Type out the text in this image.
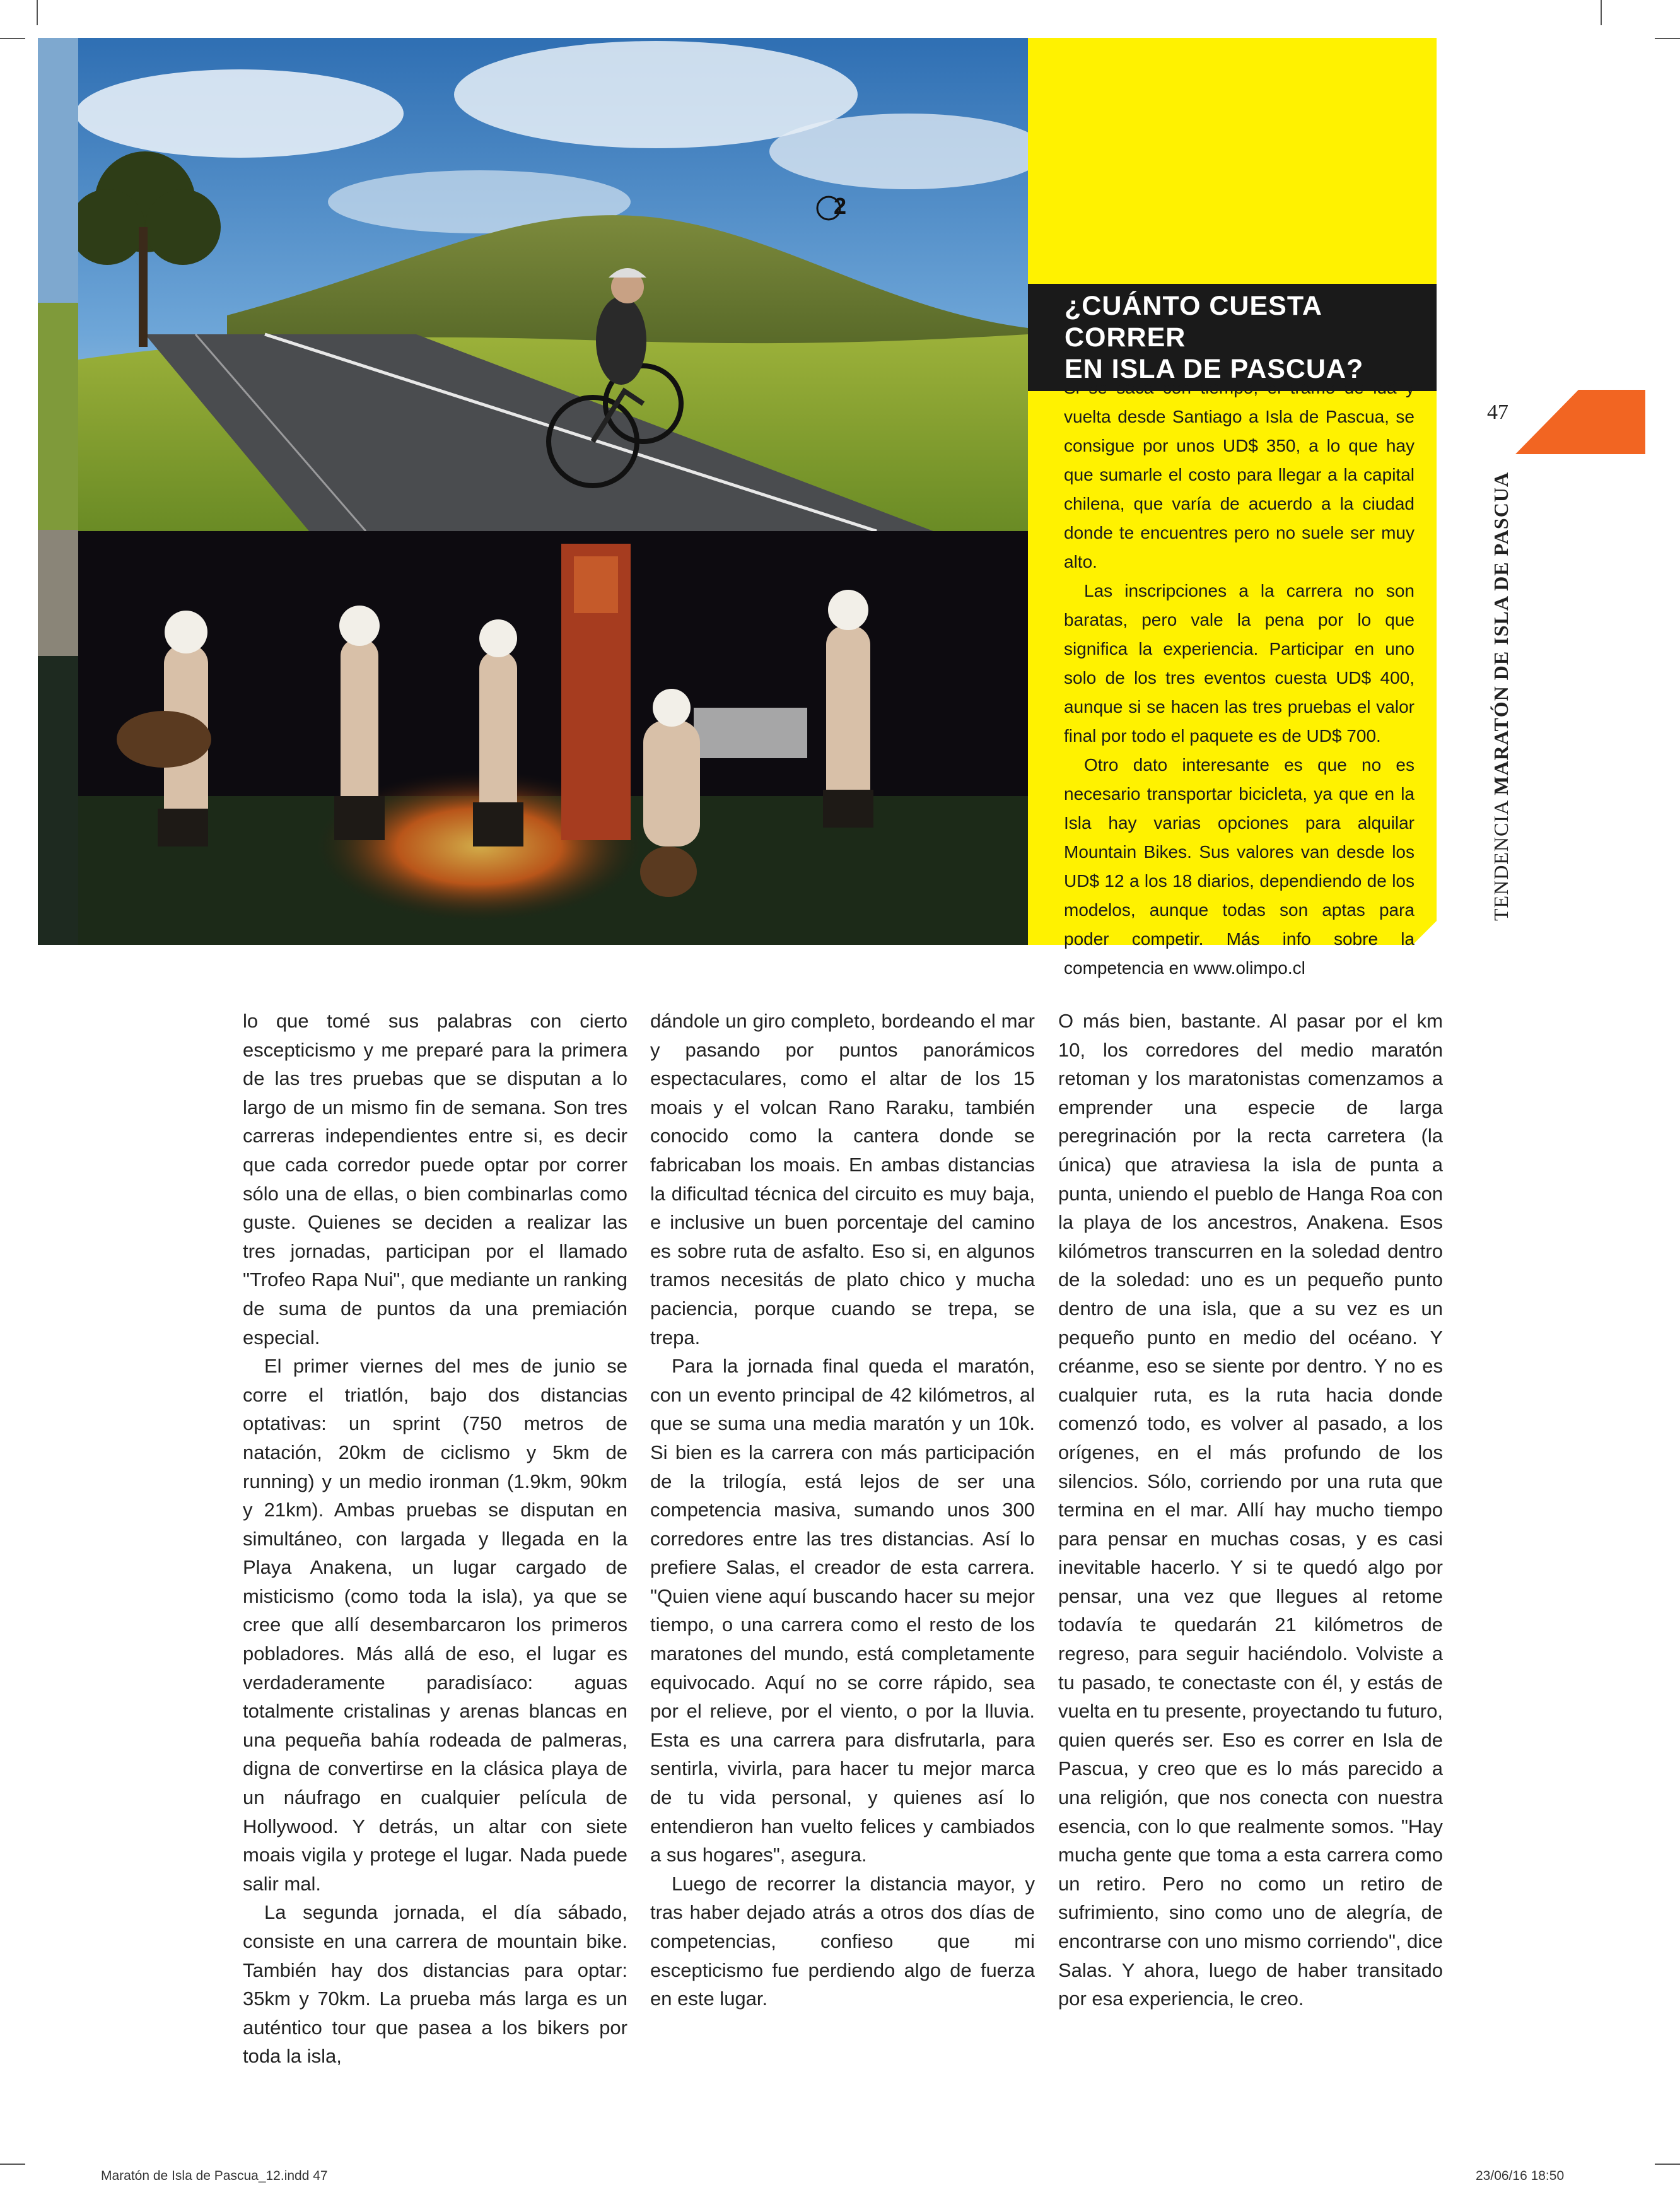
2
¿CUÁNTO CUESTA CORRER
EN ISLA DE PASCUA?

Si se saca con tiempo, el tramo de ida y vuelta desde Santiago a Isla de Pascua, se consigue por unos UD$ 350, a lo que hay que sumarle el costo para llegar a la capital chilena, que varía de acuerdo a la ciudad donde te encuentres pero no suele ser muy alto.

Las inscripciones a la carrera no son baratas, pero vale la pena por lo que significa la experiencia. Participar en uno solo de los tres eventos cuesta UD$ 400, aunque si se hacen las tres pruebas el valor final por todo el paquete es de UD$ 700.

Otro dato interesante es que no es necesario transportar bicicleta, ya que en la Isla hay varias opciones para alquilar Mountain Bikes. Sus valores van desde los UD$ 12 a los 18 diarios, dependiendo de los modelos, aunque todas son aptas para poder competir. Más info sobre la competencia en www.olimpo.cl

47
TENDENCIA MARATÓN DE ISLA DE PASCUA

lo que tomé sus palabras con cierto escepticismo y me preparé para la primera de las tres pruebas que se disputan a lo largo de un mismo fin de semana. Son tres carreras independientes entre si, es decir que cada corredor puede optar por correr sólo una de ellas, o bien combinarlas como guste. Quienes se deciden a realizar las tres jornadas, participan por el llamado "Trofeo Rapa Nui", que mediante un ranking de suma de puntos da una premiación especial.

El primer viernes del mes de junio se corre el triatlón, bajo dos distancias optativas: un sprint (750 metros de natación, 20km de ciclismo y 5km de running) y un medio ironman (1.9km, 90km y 21km). Ambas pruebas se disputan en simultáneo, con largada y llegada en la Playa Anakena, un lugar cargado de misticismo (como toda la isla), ya que se cree que allí desembarcaron los primeros pobladores. Más allá de eso, el lugar es verdaderamente paradisíaco: aguas totalmente cristalinas y arenas blancas en una pequeña bahía rodeada de palmeras, digna de convertirse en la clásica playa de un náufrago en cualquier película de Hollywood. Y detrás, un altar con siete moais vigila y protege el lugar. Nada puede salir mal.

La segunda jornada, el día sábado, consiste en una carrera de mountain bike. También hay dos distancias para optar: 35km y 70km. La prueba más larga es un auténtico tour que pasea a los bikers por toda la isla,

dándole un giro completo, bordeando el mar y pasando por puntos panorámicos espectaculares, como el altar de los 15 moais y el volcan Rano Raraku, también conocido como la cantera donde se fabricaban los moais. En ambas distancias la dificultad técnica del circuito es muy baja, e inclusive un buen porcentaje del camino es sobre ruta de asfalto. Eso si, en algunos tramos necesitás de plato chico y mucha paciencia, porque cuando se trepa, se trepa.

Para la jornada final queda el maratón, con un evento principal de 42 kilómetros, al que se suma una media maratón y un 10k. Si bien es la carrera con más participación de la trilogía, está lejos de ser una competencia masiva, sumando unos 300 corredores entre las tres distancias. Así lo prefiere Salas, el creador de esta carrera. "Quien viene aquí buscando hacer su mejor tiempo, o una carrera como el resto de los maratones del mundo, está completamente equivocado. Aquí no se corre rápido, sea por el relieve, por el viento, o por la lluvia. Esta es una carrera para disfrutarla, para sentirla, vivirla, para hacer tu mejor marca de tu vida personal, y quienes así lo entendieron han vuelto felices y cambiados a sus hogares", asegura.

Luego de recorrer la distancia mayor, y tras haber dejado atrás a otros dos días de competencias, confieso que mi escepticismo fue perdiendo algo de fuerza en este lugar.

O más bien, bastante. Al pasar por el km 10, los corredores del medio maratón retoman y los maratonistas comenzamos a emprender una especie de larga peregrinación por la recta carretera (la única) que atraviesa la isla de punta a punta, uniendo el pueblo de Hanga Roa con la playa de los ancestros, Anakena. Esos kilómetros transcurren en la soledad dentro de la soledad: uno es un pequeño punto dentro de una isla, que a su vez es un pequeño punto en medio del océano. Y créanme, eso se siente por dentro. Y no es cualquier ruta, es la ruta hacia donde comenzó todo, es volver al pasado, a los orígenes, en el más profundo de los silencios. Sólo, corriendo por una ruta que termina en el mar. Allí hay mucho tiempo para pensar en muchas cosas, y es casi inevitable hacerlo. Y si te quedó algo por pensar, una vez que llegues al retome todavía te quedarán 21 kilómetros de regreso, para seguir haciéndolo. Volviste a tu pasado, te conectaste con él, y estás de vuelta en tu presente, proyectando tu futuro, quien querés ser. Eso es correr en Isla de Pascua, y creo que es lo más parecido a una religión, que nos conecta con nuestra esencia, con lo que realmente somos. "Hay mucha gente que toma a esta carrera como un retiro. Pero no como un retiro de sufrimiento, sino como uno de alegría, de encontrarse con uno mismo corriendo", dice Salas. Y ahora, luego de haber transitado por esa experiencia, le creo.

Maratón de Isla de Pascua_12.indd 47	23/06/16 18:50
